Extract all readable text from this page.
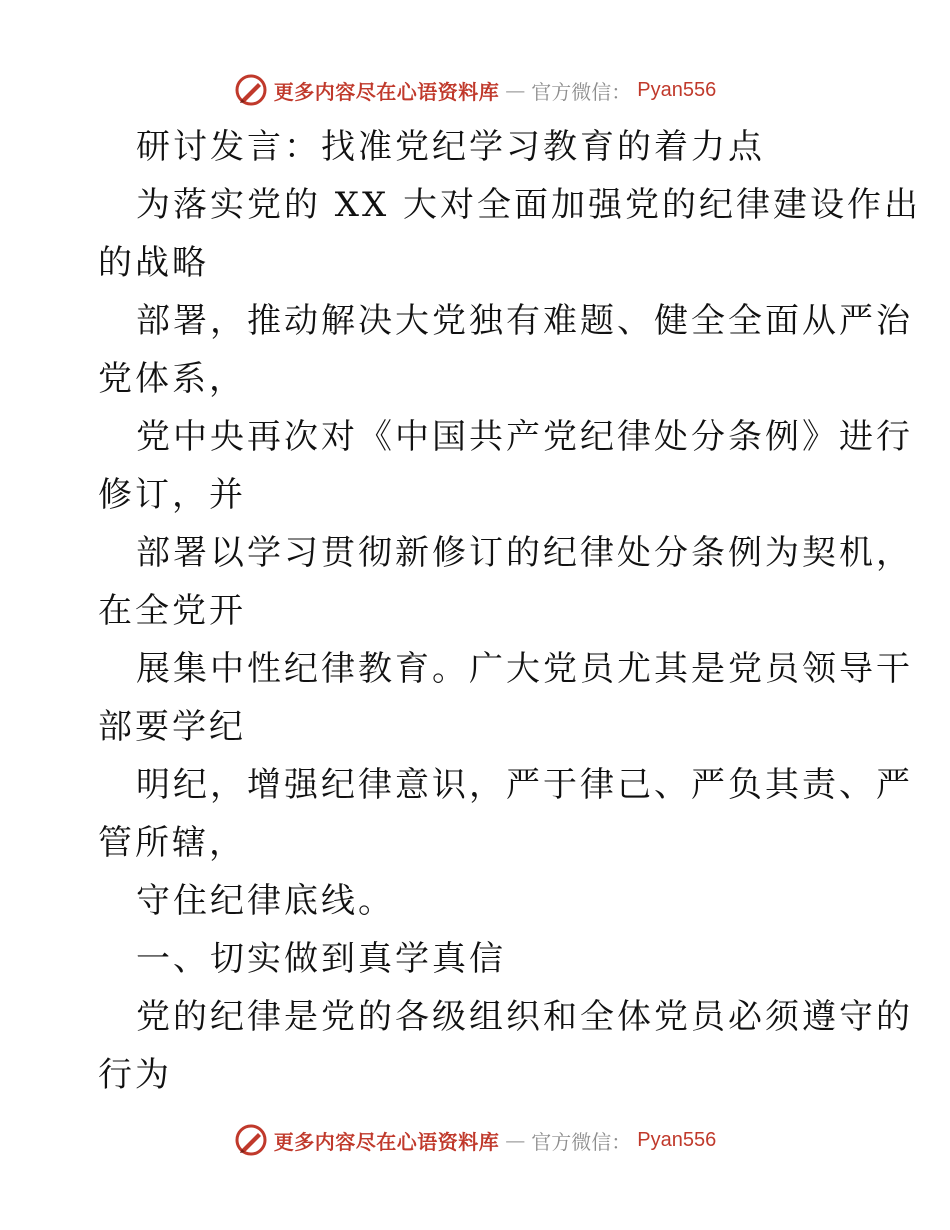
更多内容尽在心语资料库 — 官方微信： Pyan556
研讨发言：找准党纪学习教育的着力点
为落实党的 XX 大对全面加强党的纪律建设作出
的战略
部署，推动解决大党独有难题、健全全面从严治
党体系，
党中央再次对《中国共产党纪律处分条例》进行
修订，并
部署以学习贯彻新修订的纪律处分条例为契机，
在全党开
展集中性纪律教育。广大党员尤其是党员领导干
部要学纪
明纪，增强纪律意识，严于律己、严负其责、严
管所辖，
守住纪律底线。
一、切实做到真学真信
党的纪律是党的各级组织和全体党员必须遵守的
行为
更多内容尽在心语资料库 — 官方微信： Pyan556
